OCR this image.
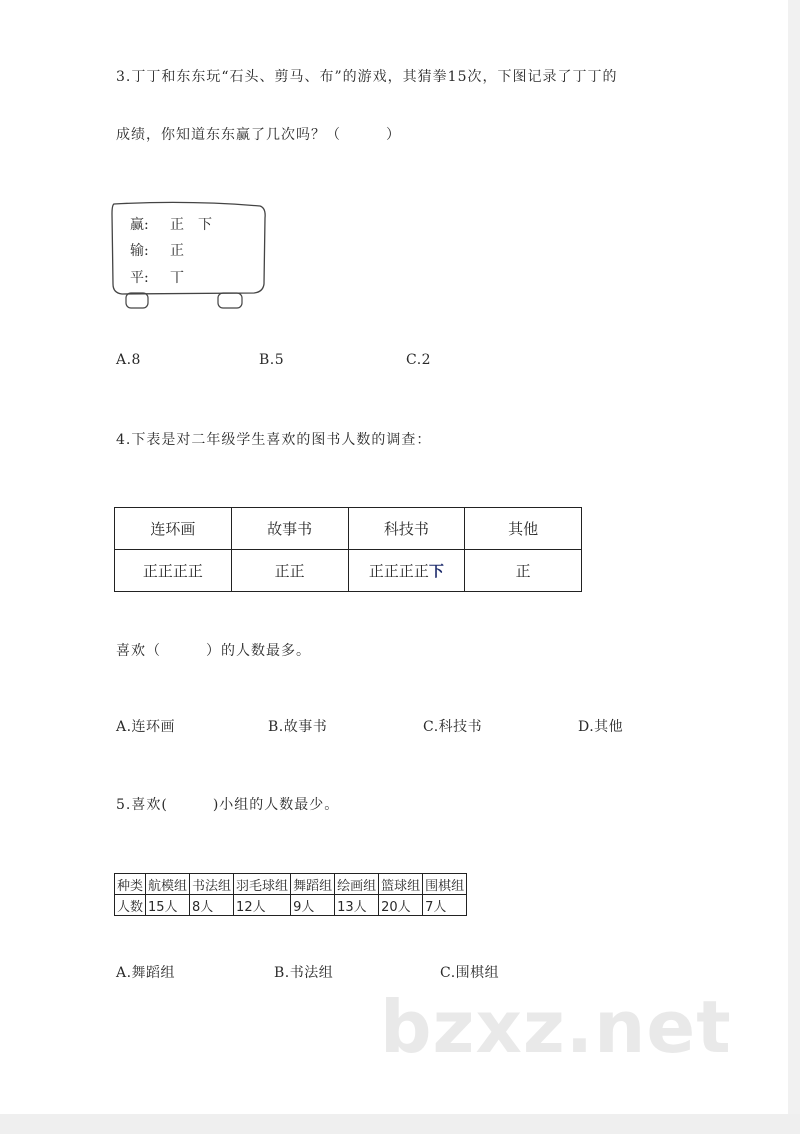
3.丁丁和东东玩“石头、剪马、布”的游戏，其猜拳15次，下图记录了丁丁的
成绩，你知道东东赢了几次吗？（　　　）
赢: 正　下
输: 正
平: 丅
A.8	B.5	C.2
4.下表是对二年级学生喜欢的图书人数的调查：
连环画	故事书	科技书	其他
正正正正	正正	正正正正下	正
喜欢（　　　）的人数最多。
A.连环画	B.故事书	C.科技书	D.其他
5.喜欢(　　　)小组的人数最少。
种类	航模组	书法组	羽毛球组	舞蹈组	绘画组	篮球组	围棋组
人数	15人	8人	12人	9人	13人	20人	7人
A.舞蹈组	B.书法组	C.围棋组
bzxz.net
